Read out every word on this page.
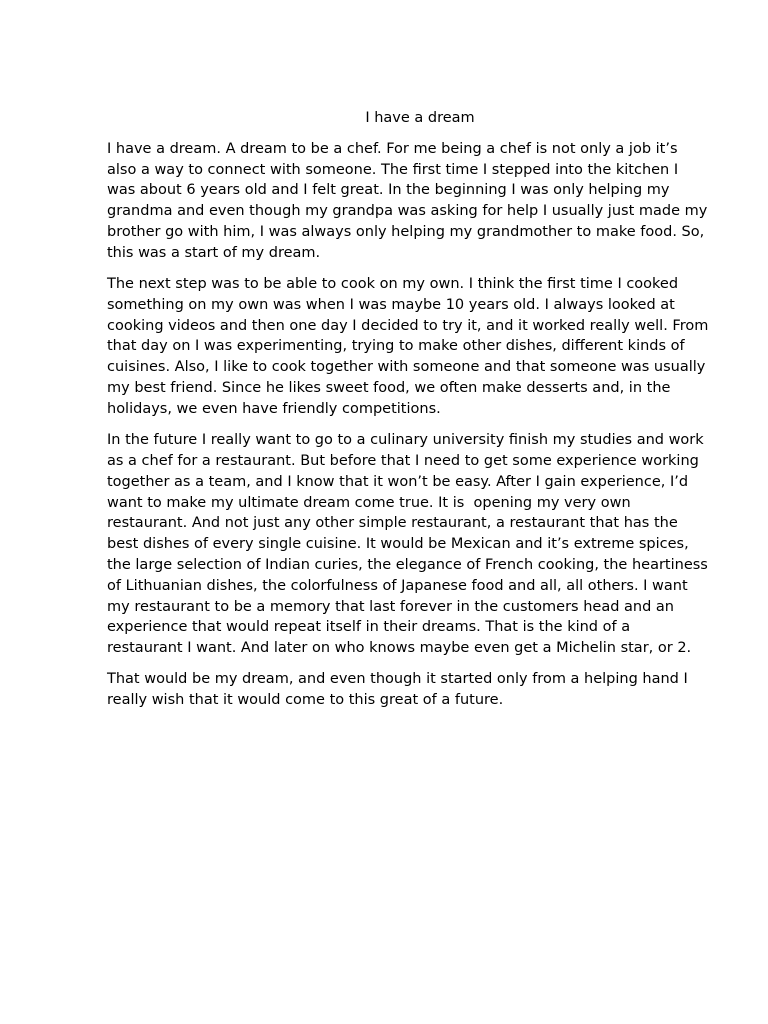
I have a dream

I have a dream. A dream to be a chef. For me being a chef is not only a job it’s
also a way to connect with someone. The first time I stepped into the kitchen I
was about 6 years old and I felt great. In the beginning I was only helping my
grandma and even though my grandpa was asking for help I usually just made my
brother go with him, I was always only helping my grandmother to make food. So,
this was a start of my dream.

The next step was to be able to cook on my own. I think the first time I cooked
something on my own was when I was maybe 10 years old. I always looked at
cooking videos and then one day I decided to try it, and it worked really well. From
that day on I was experimenting, trying to make other dishes, different kinds of
cuisines. Also, I like to cook together with someone and that someone was usually
my best friend. Since he likes sweet food, we often make desserts and, in the
holidays, we even have friendly competitions.

In the future I really want to go to a culinary university finish my studies and work
as a chef for a restaurant. But before that I need to get some experience working
together as a team, and I know that it won’t be easy. After I gain experience, I’d
want to make my ultimate dream come true. It is  opening my very own
restaurant. And not just any other simple restaurant, a restaurant that has the
best dishes of every single cuisine. It would be Mexican and it’s extreme spices,
the large selection of Indian curies, the elegance of French cooking, the heartiness
of Lithuanian dishes, the colorfulness of Japanese food and all, all others. I want
my restaurant to be a memory that last forever in the customers head and an
experience that would repeat itself in their dreams. That is the kind of a
restaurant I want. And later on who knows maybe even get a Michelin star, or 2.

That would be my dream, and even though it started only from a helping hand I
really wish that it would come to this great of a future.
